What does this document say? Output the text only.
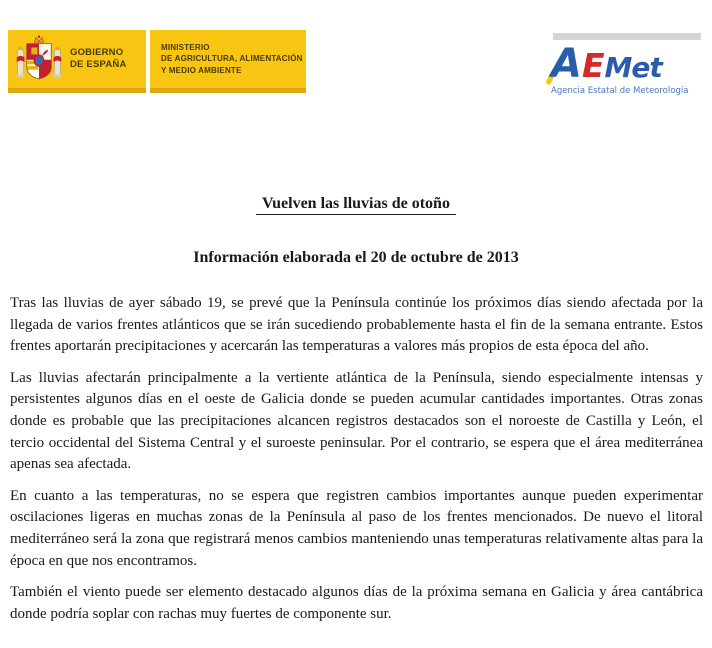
GOBIERNO
DE ESPAÑA
MINISTERIO
DE AGRICULTURA, ALIMENTACIÓN
Y MEDIO AMBIENTE	AEMet
Agencia Estatal de Meteorología
Vuelven las lluvias de otoño
Información elaborada el 20 de octubre de 2013

Tras las lluvias de ayer sábado 19, se prevé que la Península continúe los próximos días siendo afectada por la llegada de varios frentes atlánticos que se irán sucediendo probablemente hasta el fin de la semana entrante. Estos frentes aportarán precipitaciones y acercarán las temperaturas a valores más propios de esta época del año.

Las lluvias afectarán principalmente a la vertiente atlántica de la Península, siendo especialmente intensas y persistentes algunos días en el oeste de Galicia donde se pueden acumular cantidades importantes. Otras zonas donde es probable que las precipitaciones alcancen registros destacados son el noroeste de Castilla y León, el tercio occidental del Sistema Central y el suroeste peninsular. Por el contrario, se espera que el área mediterránea apenas sea afectada.

En cuanto a las temperaturas, no se espera que registren cambios importantes aunque pueden experimentar oscilaciones ligeras en muchas zonas de la Península al paso de los frentes mencionados. De nuevo el litoral mediterráneo será la zona que registrará menos cambios manteniendo unas temperaturas relativamente altas para la época en que nos encontramos.

También el viento puede ser elemento destacado algunos días de la próxima semana en Galicia y área cantábrica donde podría soplar con rachas muy fuertes de componente sur.
